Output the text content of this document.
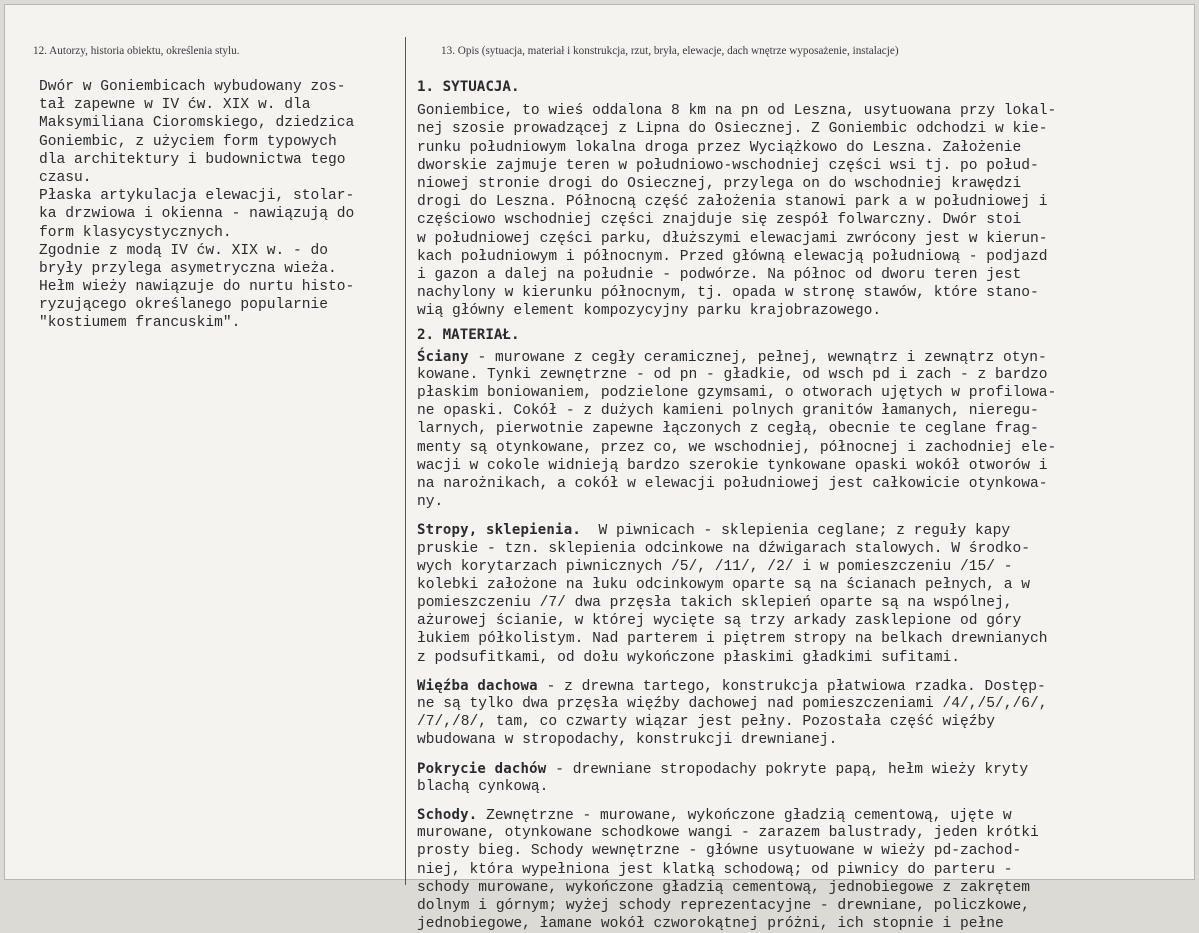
12. Autorzy, historia obiektu, określenia stylu.	13. Opis (sytuacja, materiał i konstrukcja, rzut, bryła, elewacje, dach wnętrze wyposażenie, instalacje)
Dwór w Goniembicach wybudowany zos-
tał zapewne w IV ćw. XIX w. dla
Maksymiliana Cioromskiego, dziedzica
Goniembic, z użyciem form typowych
dla architektury i budownictwa tego
czasu.
Płaska artykulacja elewacji, stolar-
ka drzwiowa i okienna - nawiązują do
form klasycystycznych.
Zgodnie z modą IV ćw. XIX w. - do
bryły przylega asymetryczna wieża.
Hełm wieży nawiązuje do nurtu histo-
ryzującego określanego popularnie
"kostiumem francuskim".
1. SYTUACJA.
Goniembice, to wieś oddalona 8 km na pn od Leszna, usytuowana przy lokal-
nej szosie prowadzącej z Lipna do Osiecznej. Z Goniembic odchodzi w kie-
runku południowym lokalna droga przez Wyciążkowo do Leszna. Założenie
dworskie zajmuje teren w południowo-wschodniej części wsi tj. po połud-
niowej stronie drogi do Osiecznej, przylega on do wschodniej krawędzi
drogi do Leszna. Północną część założenia stanowi park a w południowej i
częściowo wschodniej części znajduje się zespół folwarczny. Dwór stoi
w południowej części parku, dłuższymi elewacjami zwrócony jest w kierun-
kach południowym i północnym. Przed główną elewacją południową - podjazd
i gazon a dalej na południe - podwórze. Na północ od dworu teren jest
nachylony w kierunku północnym, tj. opada w stronę stawów, które stano-
wią główny element kompozycyjny parku krajobrazowego.
2. MATERIAŁ.
Ściany - murowane z cegły ceramicznej, pełnej, wewnątrz i zewnątrz otyn-
kowane. Tynki zewnętrzne - od pn - gładkie, od wsch pd i zach - z bardzo
płaskim boniowaniem, podzielone gzymsami, o otworach ujętych w profilowa-
ne opaski. Cokół - z dużych kamieni polnych granitów łamanych, nieregu-
larnych, pierwotnie zapewne łączonych z cegłą, obecnie te ceglane frag-
menty są otynkowane, przez co, we wschodniej, północnej i zachodniej ele-
wacji w cokole widnieją bardzo szerokie tynkowane opaski wokół otworów i
na narożnikach, a cokół w elewacji południowej jest całkowicie otynkowa-
ny.
Stropy, sklepienia.  W piwnicach - sklepienia ceglane; z reguły kapy
pruskie - tzn. sklepienia odcinkowe na dźwigarach stalowych. W środko-
wych korytarzach piwnicznych /5/, /11/, /2/ i w pomieszczeniu /15/ -
kolebki założone na łuku odcinkowym oparte są na ścianach pełnych, a w
pomieszczeniu /7/ dwa przęsła takich sklepień oparte są na wspólnej,
ażurowej ścianie, w której wycięte są trzy arkady zasklepione od góry
łukiem półkolistym. Nad parterem i piętrem stropy na belkach drewnianych
z podsufitkami, od dołu wykończone płaskimi gładkimi sufitami.
Więźba dachowa - z drewna tartego, konstrukcja płatwiowa rzadka. Dostęp-
ne są tylko dwa przęsła więźby dachowej nad pomieszczeniami /4/,/5/,/6/,
/7/,/8/, tam, co czwarty wiązar jest pełny. Pozostała część więźby
wbudowana w stropodachy, konstrukcji drewnianej.
Pokrycie dachów - drewniane stropodachy pokryte papą, hełm wieży kryty
blachą cynkową.
Schody. Zewnętrzne - murowane, wykończone gładzią cementową, ujęte w
murowane, otynkowane schodkowe wangi - zarazem balustrady, jeden krótki
prosty bieg. Schody wewnętrzne - główne usytuowane w wieży pd-zachod-
niej, która wypełniona jest klatką schodową; od piwnicy do parteru -
schody murowane, wykończone gładzią cementową, jednobiegowe z zakrętem
dolnym i górnym; wyżej schody reprezentacyjne - drewniane, policzkowe,
jednobiegowe, łamane wokół czworokątnej próżni, ich stopnie i pełne
